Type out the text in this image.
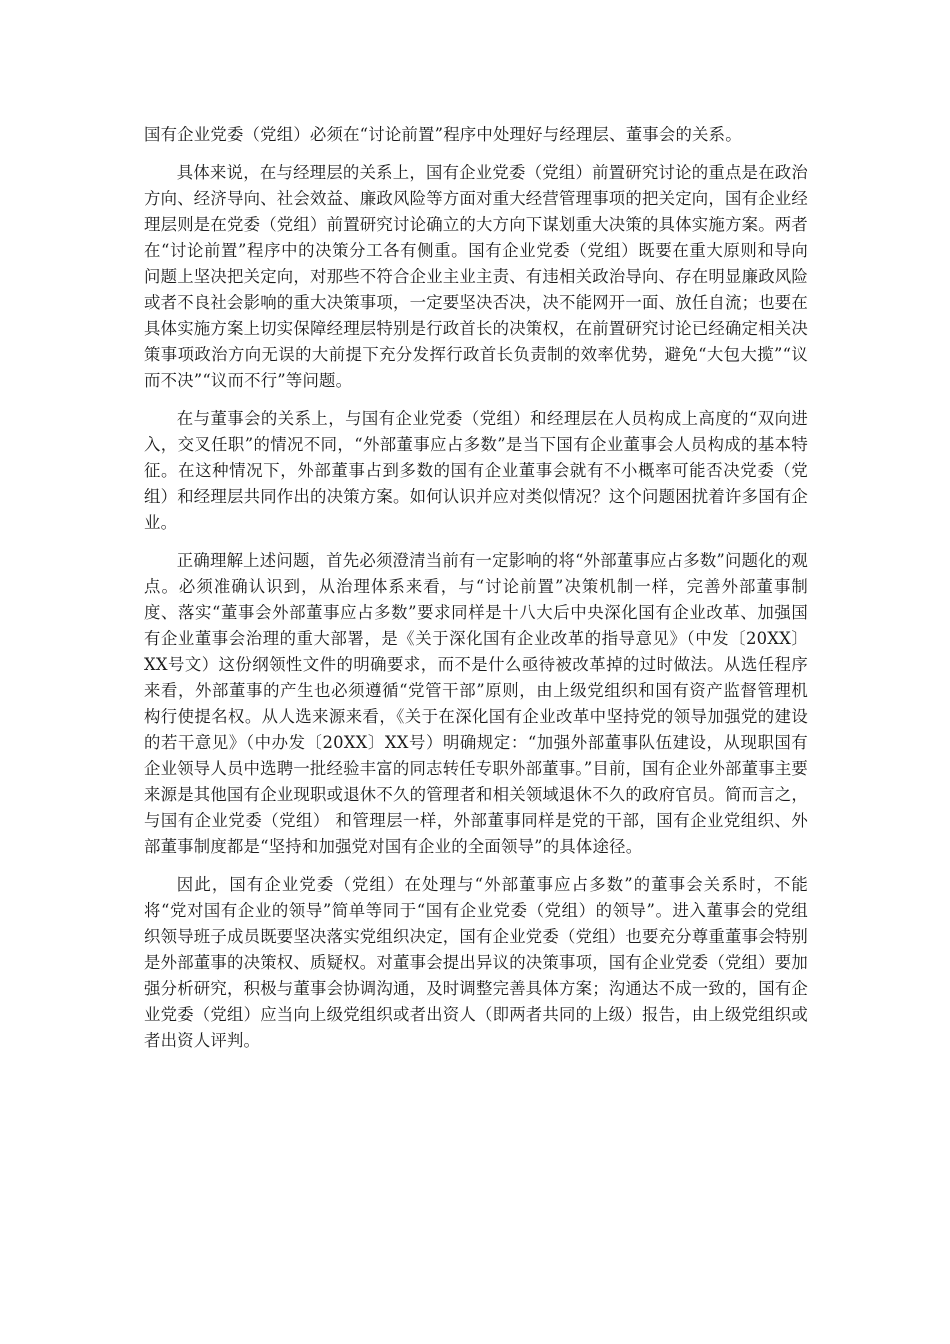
国有企业党委（党组）必须在“讨论前置”程序中处理好与经理层、董事会的关系。

具体来说，在与经理层的关系上，国有企业党委（党组）前置研究讨论的重点是在政治方向、经济导向、社会效益、廉政风险等方面对重大经营管理事项的把关定向，国有企业经理层则是在党委（党组）前置研究讨论确立的大方向下谋划重大决策的具体实施方案。两者在“讨论前置”程序中的决策分工各有侧重。国有企业党委（党组）既要在重大原则和导向问题上坚决把关定向，对那些不符合企业主业主责、有违相关政治导向、存在明显廉政风险或者不良社会影响的重大决策事项，一定要坚决否决，决不能网开一面、放任自流；也要在具体实施方案上切实保障经理层特别是行政首长的决策权，在前置研究讨论已经确定相关决策事项政治方向无误的大前提下充分发挥行政首长负责制的效率优势，避免“大包大揽”“议而不决”“议而不行”等问题。

在与董事会的关系上，与国有企业党委（党组）和经理层在人员构成上高度的“双向进入，交叉任职”的情况不同，“外部董事应占多数”是当下国有企业董事会人员构成的基本特征。在这种情况下，外部董事占到多数的国有企业董事会就有不小概率可能否决党委（党组）和经理层共同作出的决策方案。如何认识并应对类似情况？这个问题困扰着许多国有企业。

正确理解上述问题，首先必须澄清当前有一定影响的将“外部董事应占多数”问题化的观点。必须准确认识到，从治理体系来看，与“讨论前置”决策机制一样，完善外部董事制度、落实“董事会外部董事应占多数”要求同样是十八大后中央深化国有企业改革、加强国有企业董事会治理的重大部署，是《关于深化国有企业改革的指导意见》（中发〔20XX〕XX号文）这份纲领性文件的明确要求，而不是什么亟待被改革掉的过时做法。从选任程序来看，外部董事的产生也必须遵循“党管干部”原则，由上级党组织和国有资产监督管理机构行使提名权。从人选来源来看，《关于在深化国有企业改革中坚持党的领导加强党的建设的若干意见》（中办发〔20XX〕XX号）明确规定：“加强外部董事队伍建设，从现职国有企业领导人员中选聘一批经验丰富的同志转任专职外部董事。”目前，国有企业外部董事主要来源是其他国有企业现职或退休不久的管理者和相关领域退休不久的政府官员。简而言之，与国有企业党委（党组） 和管理层一样，外部董事同样是党的干部，国有企业党组织、外部董事制度都是“坚持和加强党对国有企业的全面领导”的具体途径。

因此，国有企业党委（党组）在处理与“外部董事应占多数”的董事会关系时，不能将“党对国有企业的领导”简单等同于“国有企业党委（党组）的领导”。进入董事会的党组织领导班子成员既要坚决落实党组织决定，国有企业党委（党组）也要充分尊重董事会特别是外部董事的决策权、质疑权。对董事会提出异议的决策事项，国有企业党委（党组）要加强分析研究，积极与董事会协调沟通，及时调整完善具体方案；沟通达不成一致的，国有企业党委（党组）应当向上级党组织或者出资人（即两者共同的上级）报告，由上级党组织或者出资人评判。
